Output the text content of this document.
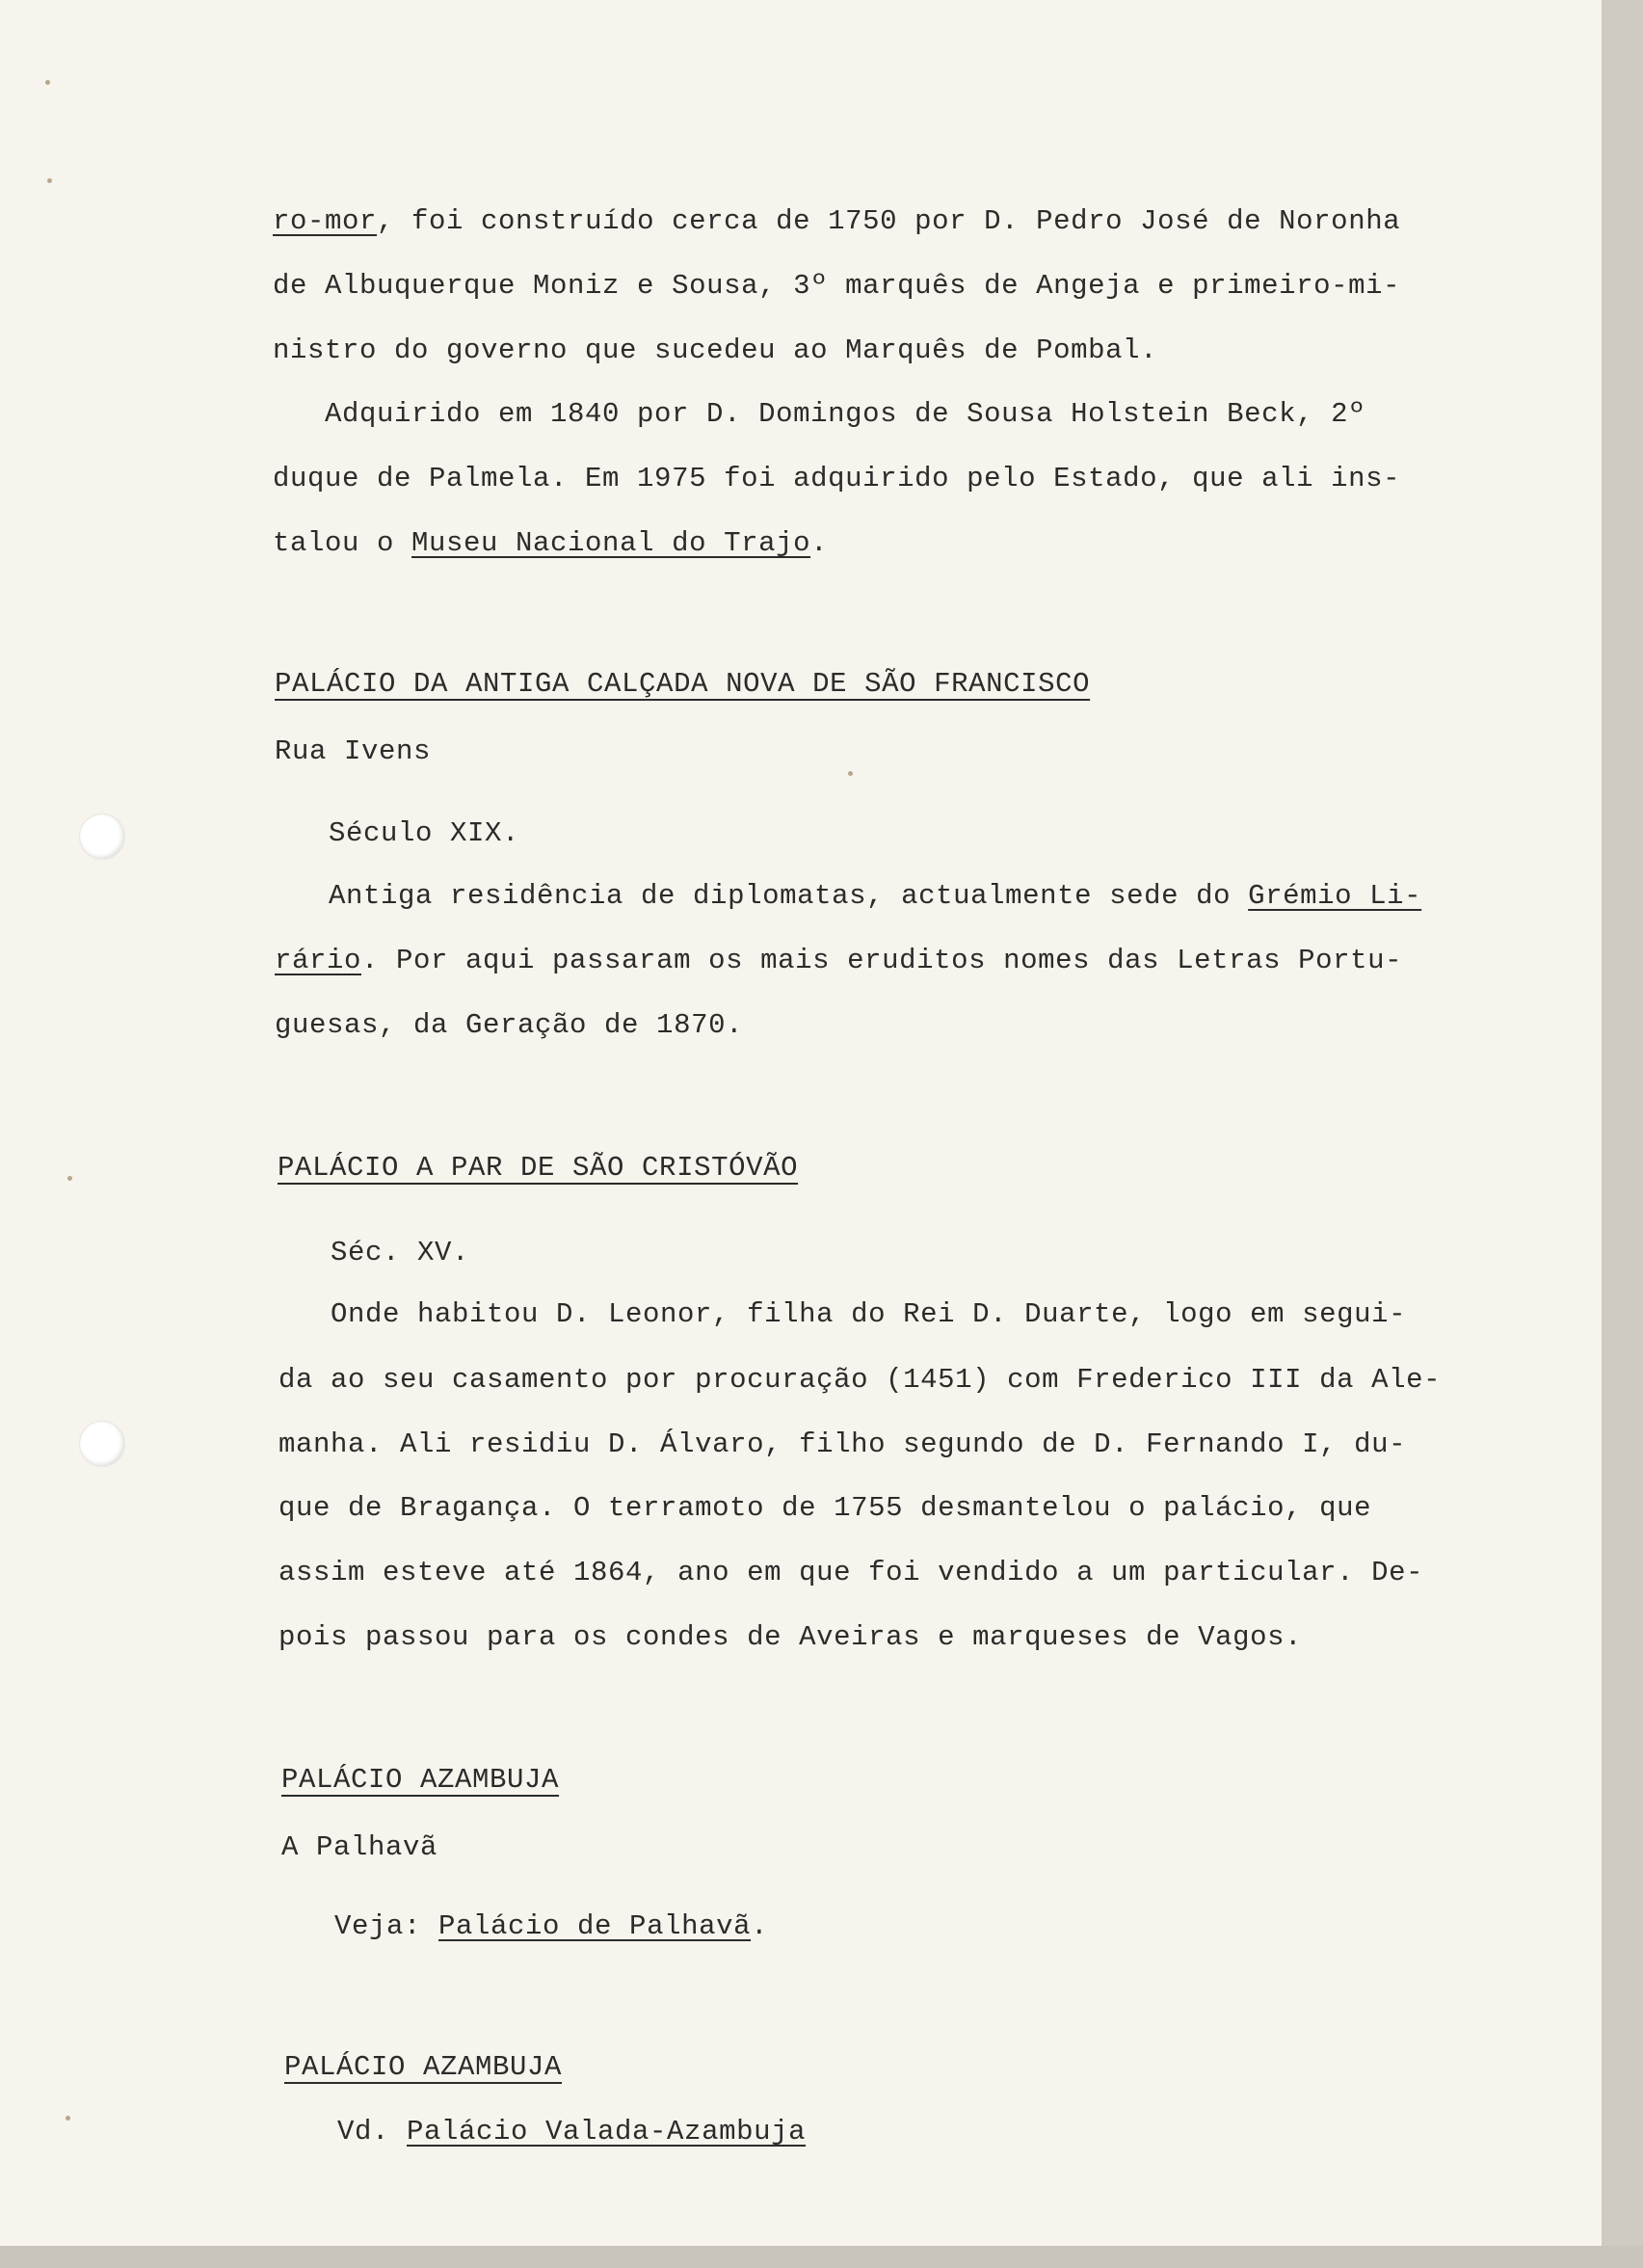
ro-mor, foi construído cerca de 1750 por D. Pedro José de Noronha
de Albuquerque Moniz e Sousa, 3º marquês de Angeja e primeiro-mi-
nistro do governo que sucedeu ao Marquês de Pombal.
Adquirido em 1840 por D. Domingos de Sousa Holstein Beck, 2º
duque de Palmela. Em 1975 foi adquirido pelo Estado, que ali ins-
talou o Museu Nacional do Trajo.
PALÁCIO DA ANTIGA CALÇADA NOVA DE SÃO FRANCISCO
Rua Ivens
Século XIX.
Antiga residência de diplomatas, actualmente sede do Grémio Li-
rário. Por aqui passaram os mais eruditos nomes das Letras Portu-
guesas, da Geração de 1870.
PALÁCIO A PAR DE SÃO CRISTÓVÃO
Séc. XV.
Onde habitou D. Leonor, filha do Rei D. Duarte, logo em segui-
da ao seu casamento por procuração (1451) com Frederico III da Ale-
manha. Ali residiu D. Álvaro, filho segundo de D. Fernando I, du-
que de Bragança. O terramoto de 1755 desmantelou o palácio, que
assim esteve até 1864, ano em que foi vendido a um particular. De-
pois passou para os condes de Aveiras e marqueses de Vagos.
PALÁCIO AZAMBUJA
A Palhavã
Veja: Palácio de Palhavã.
PALÁCIO AZAMBUJA
Vd. Palácio Valada-Azambuja
